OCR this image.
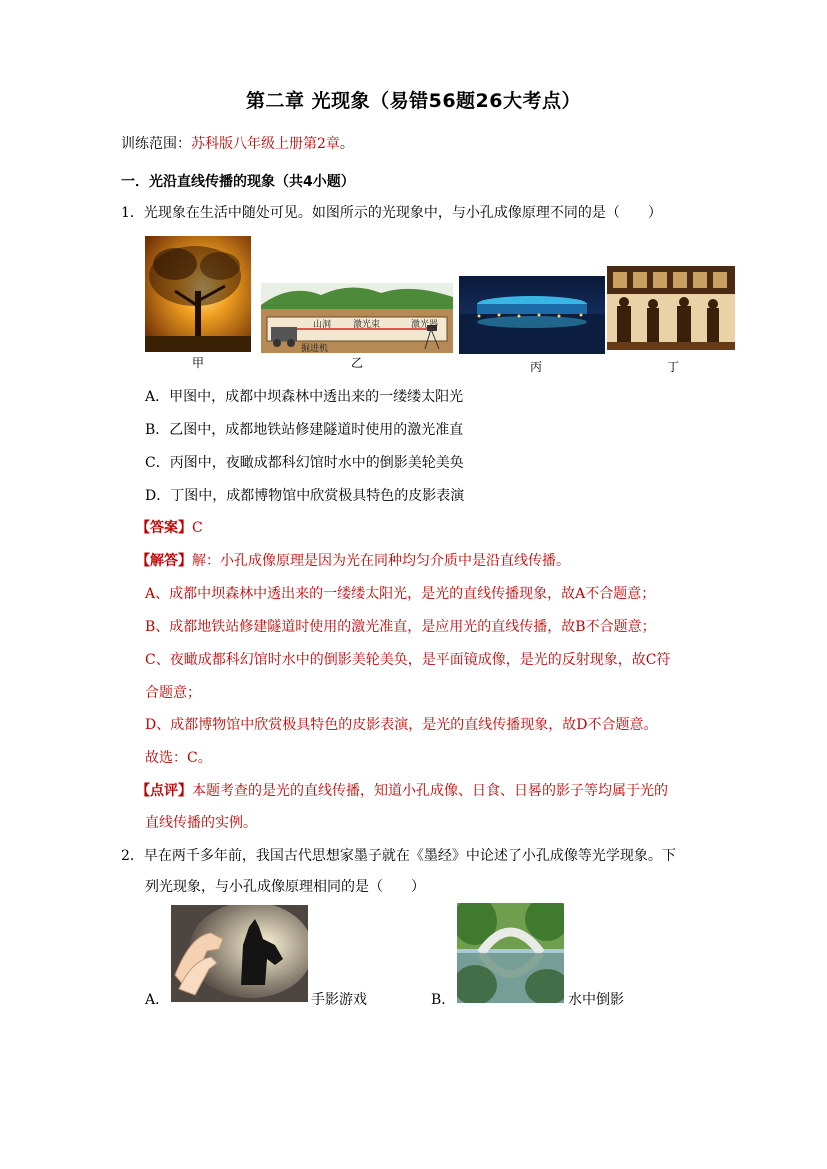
第二章 光现象（易错56题26大考点）
训练范围：苏科版八年级上册第2章。
一．光沿直线传播的现象（共4小题）
1．光现象在生活中随处可见。如图所示的光现象中，与小孔成像原理不同的是（　　）
甲
山洞 激光束	激光器
掘进机
乙	丙	丁
A．甲图中，成都中坝森林中透出来的一缕缕太阳光
B．乙图中，成都地铁站修建隧道时使用的激光准直
C．丙图中，夜瞰成都科幻馆时水中的倒影美轮美奂
D．丁图中，成都博物馆中欣赏极具特色的皮影表演
【答案】C
【解答】解：小孔成像原理是因为光在同种均匀介质中是沿直线传播。
A、成都中坝森林中透出来的一缕缕太阳光，是光的直线传播现象，故A不合题意；
B、成都地铁站修建隧道时使用的激光准直，是应用光的直线传播，故B不合题意；
C、夜瞰成都科幻馆时水中的倒影美轮美奂，是平面镜成像，是光的反射现象，故C符
合题意；
D、成都博物馆中欣赏极具特色的皮影表演，是光的直线传播现象，故D不合题意。
故选：C。
【点评】本题考查的是光的直线传播，知道小孔成像、日食、日晷的影子等均属于光的
直线传播的实例。
2．早在两千多年前，我国古代思想家墨子就在《墨经》中论述了小孔成像等光学现象。下
列光现象，与小孔成像原理相同的是（　　）
A．	手影游戏	B．	水中倒影
